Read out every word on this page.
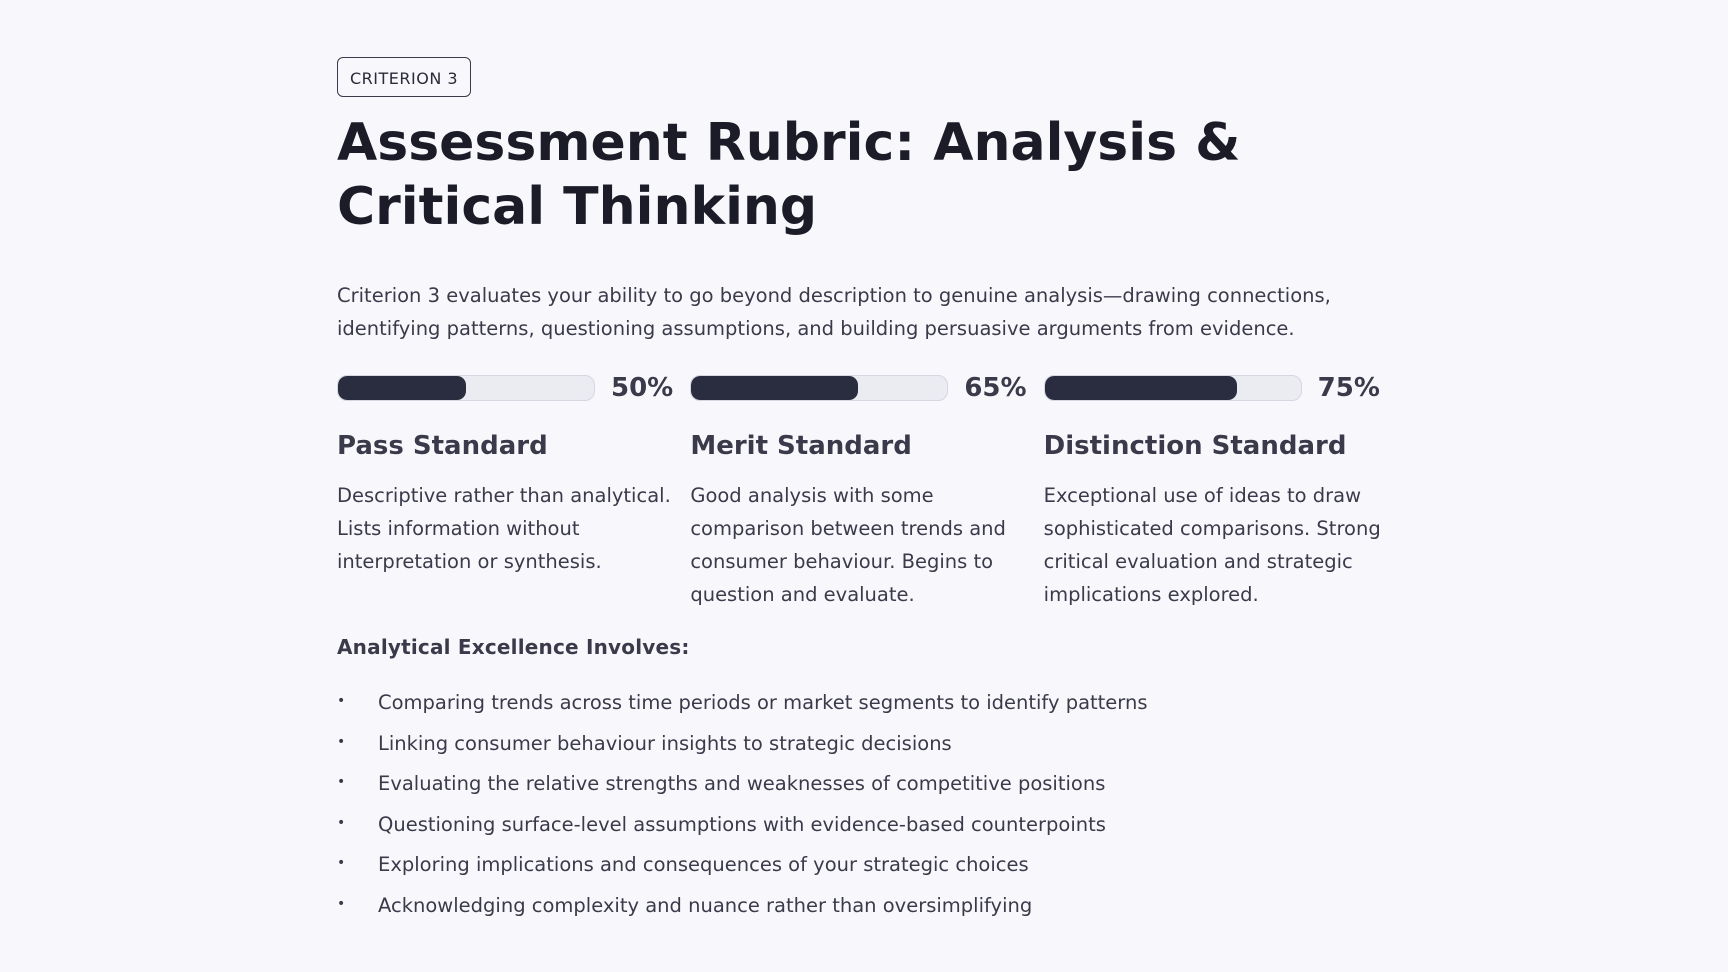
CRITERION 3
Assessment Rubric: Analysis & Critical Thinking

Criterion 3 evaluates your ability to go beyond description to genuine analysis—drawing connections, identifying patterns, questioning assumptions, and building persuasive arguments from evidence.

50%
Pass Standard

Descriptive rather than analytical. Lists information without interpretation or synthesis.

65%
Merit Standard

Good analysis with some comparison between trends and consumer behaviour. Begins to question and evaluate.

75%
Distinction Standard

Exceptional use of ideas to draw sophisticated comparisons. Strong critical evaluation and strategic implications explored.

Analytical Excellence Involves:
• Comparing trends across time periods or market segments to identify patterns
• Linking consumer behaviour insights to strategic decisions
• Evaluating the relative strengths and weaknesses of competitive positions
• Questioning surface-level assumptions with evidence-based counterpoints
• Exploring implications and consequences of your strategic choices
• Acknowledging complexity and nuance rather than oversimplifying
